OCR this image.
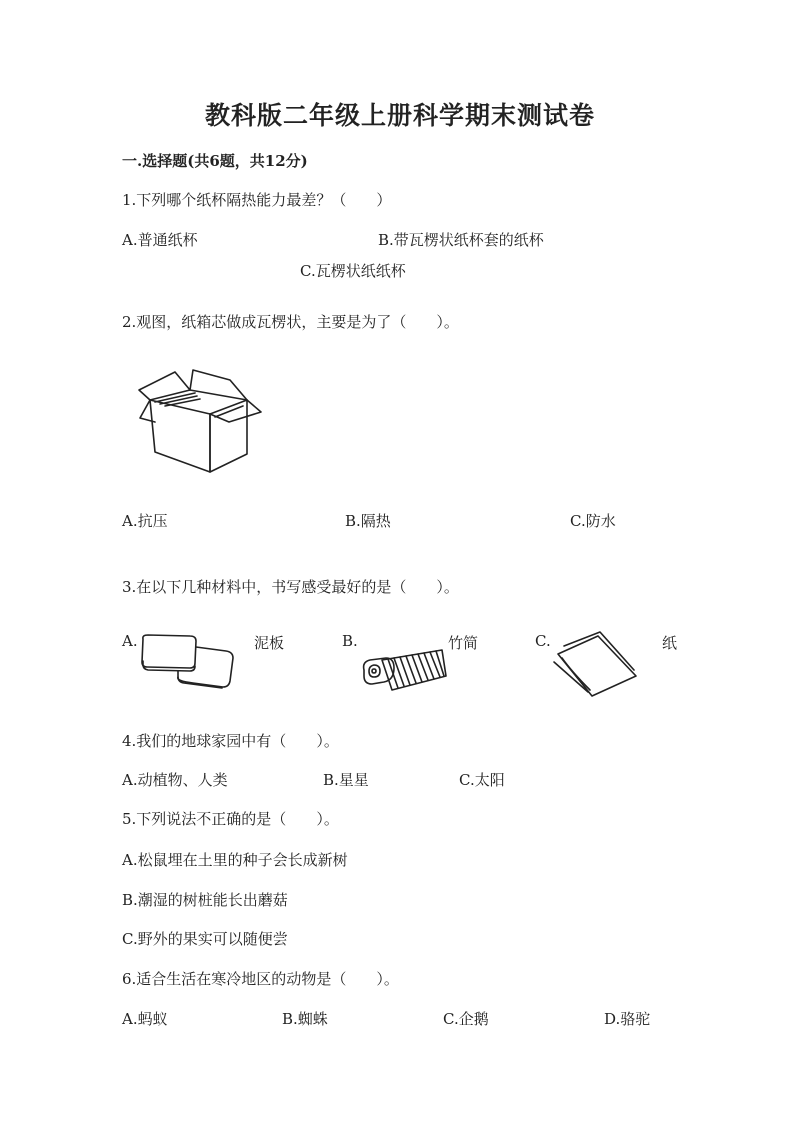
教科版二年级上册科学期末测试卷
一.选择题(共6题，共12分)
1.下列哪个纸杯隔热能力最差？（　　）
A.普通纸杯	B.带瓦楞状纸杯套的纸杯
C.瓦楞状纸纸杯
2.观图，纸箱芯做成瓦楞状，主要是为了（　　）。
A.抗压	B.隔热	C.防水
3.在以下几种材料中，书写感受最好的是（　　）。
A.	泥板	B.	竹简	C.	纸
4.我们的地球家园中有（　　）。
A.动植物、人类	B.星星	C.太阳
5.下列说法不正确的是（　　）。
A.松鼠埋在土里的种子会长成新树
B.潮湿的树桩能长出蘑菇
C.野外的果实可以随便尝
6.适合生活在寒冷地区的动物是（　　）。
A.蚂蚁	B.蜘蛛	C.企鹅	D.骆驼
